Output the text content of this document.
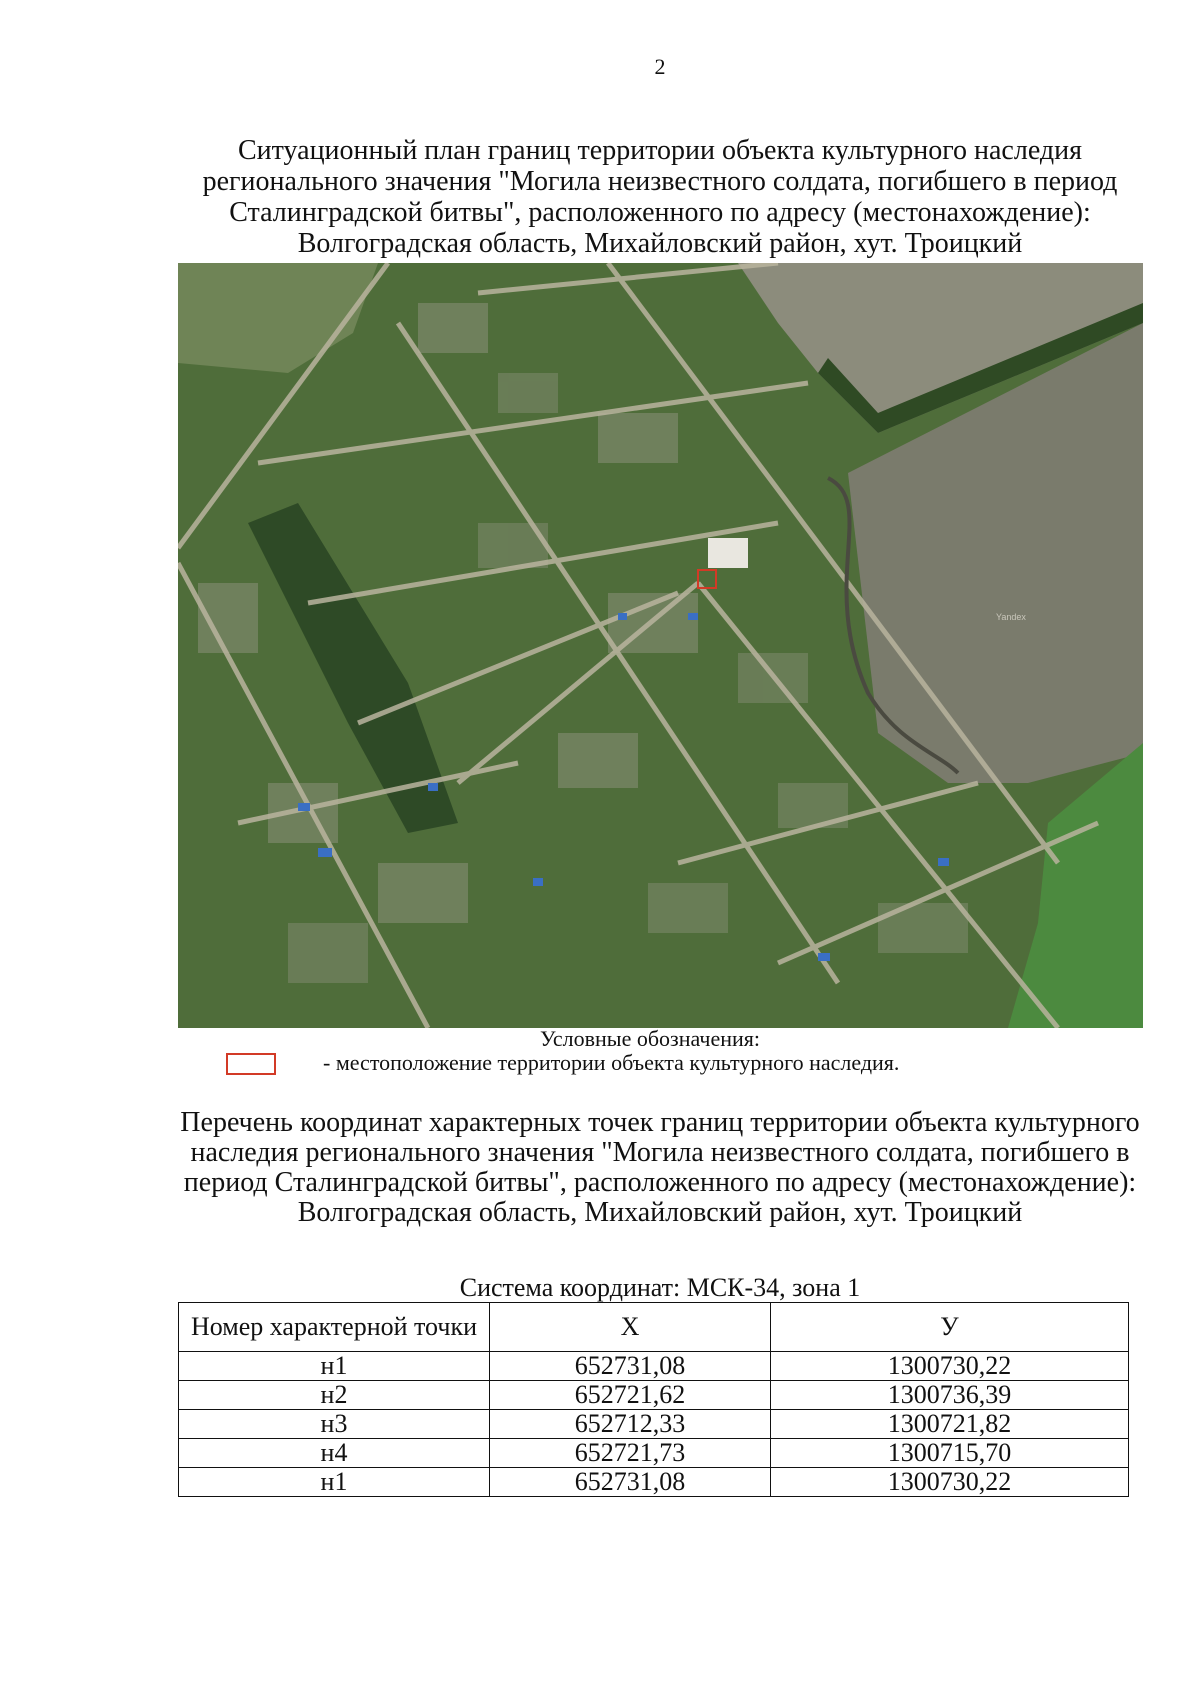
2
Ситуационный план границ территории объекта культурного наследия регионального значения "Могила неизвестного солдата, погибшего в период Сталинградской битвы", расположенного по адресу (местонахождение): Волгоградская область, Михайловский район, хут. Троицкий
Yandex
Условные обозначения:
- местоположение территории объекта культурного наследия.
Перечень координат характерных точек границ территории объекта культурного наследия регионального значения "Могила неизвестного солдата, погибшего в период Сталинградской битвы", расположенного по адресу (местонахождение): Волгоградская область, Михайловский район, хут. Троицкий
Система координат: МСК-34, зона 1
Номер характерной точки	X	У
н1	652731,08	1300730,22
н2	652721,62	1300736,39
н3	652712,33	1300721,82
н4	652721,73	1300715,70
н1	652731,08	1300730,22
